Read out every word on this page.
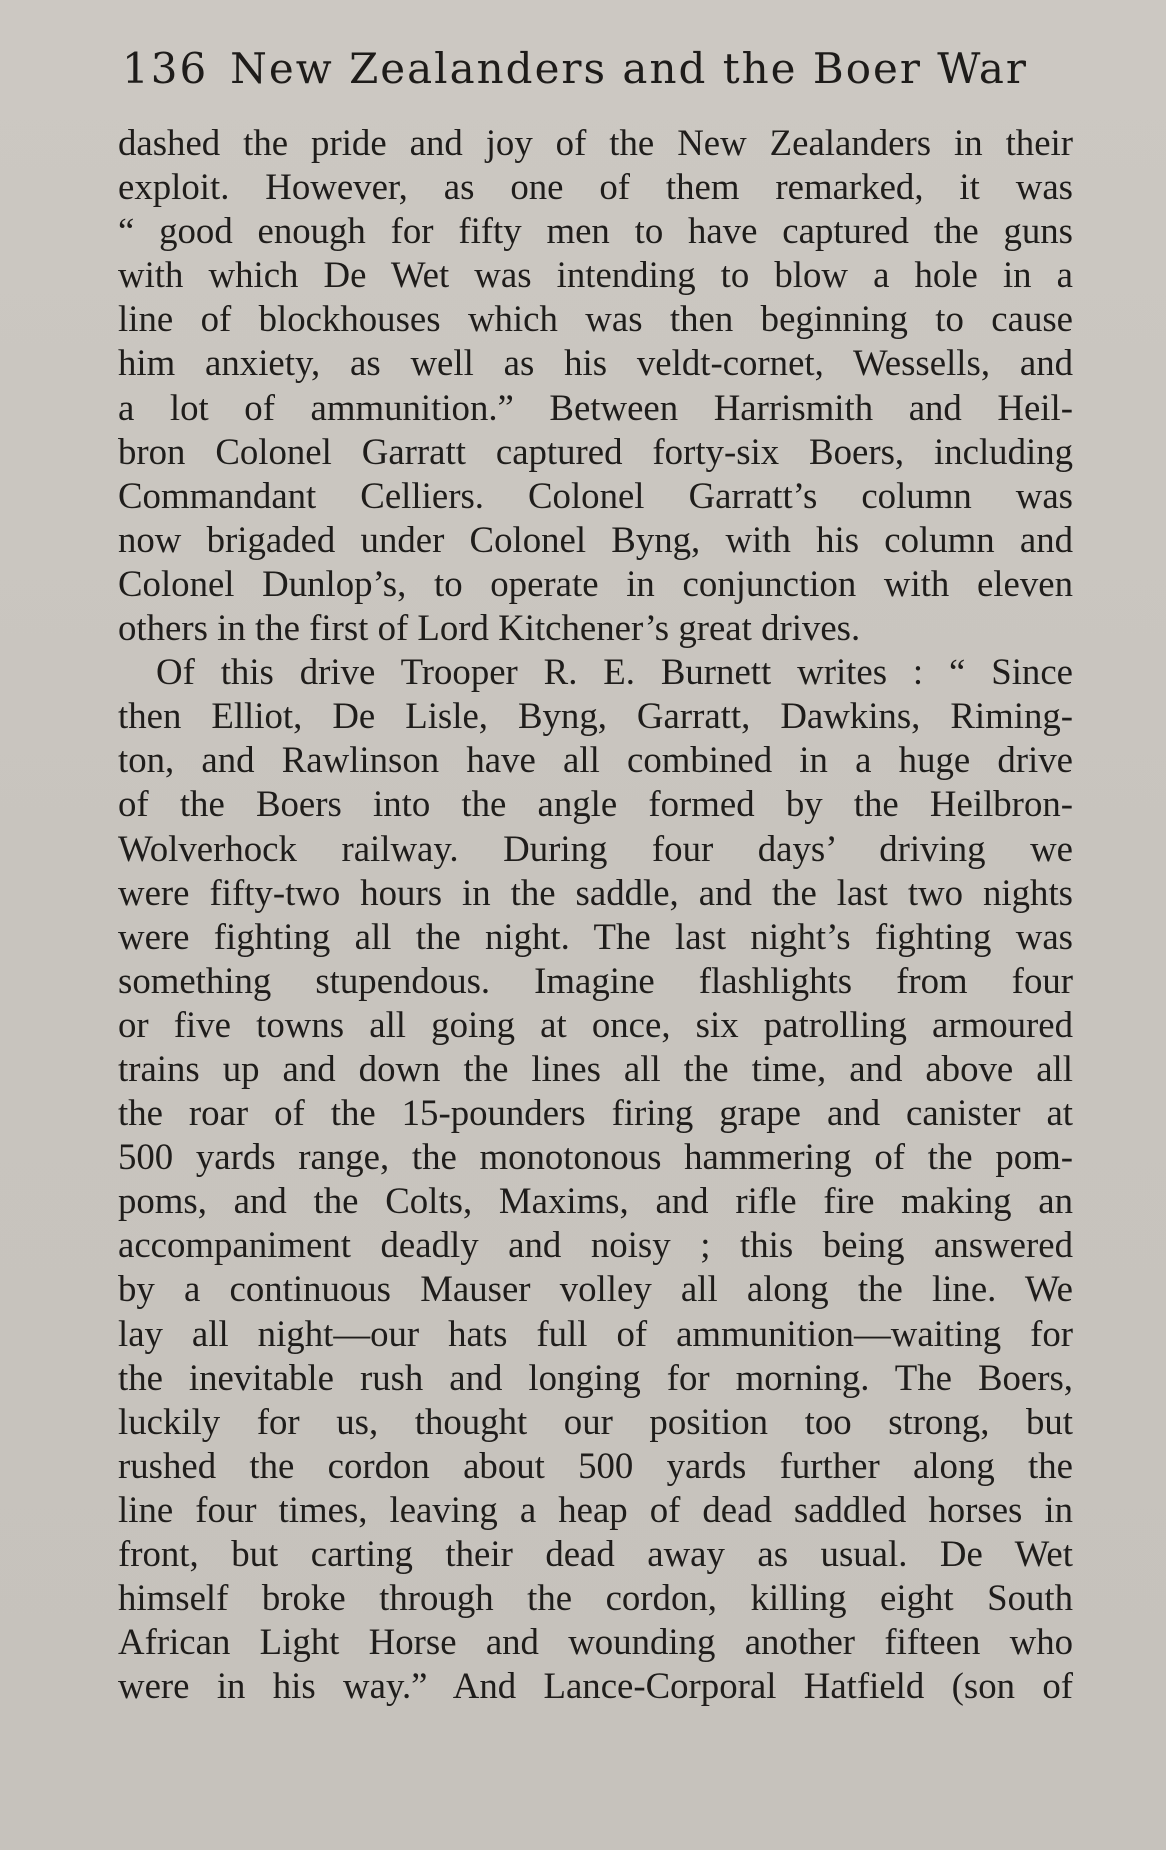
136 New Zealanders and the Boer War
dashed the pride and joy of the New Zealanders in their
exploit. However, as one of them remarked, it was
“ good enough for fifty men to have captured the guns
with which De Wet was intending to blow a hole in a
line of blockhouses which was then beginning to cause
him anxiety, as well as his veldt-cornet, Wessells, and
a lot of ammunition.” Between Harrismith and Heil-
bron Colonel Garratt captured forty-six Boers, including
Commandant Celliers. Colonel Garratt’s column was
now brigaded under Colonel Byng, with his column and
Colonel Dunlop’s, to operate in conjunction with eleven
others in the first of Lord Kitchener’s great drives.
Of this drive Trooper R. E. Burnett writes : “ Since
then Elliot, De Lisle, Byng, Garratt, Dawkins, Riming-
ton, and Rawlinson have all combined in a huge drive
of the Boers into the angle formed by the Heilbron-
Wolverhock railway. During four days’ driving we
were fifty-two hours in the saddle, and the last two nights
were fighting all the night. The last night’s fighting was
something stupendous. Imagine flashlights from four
or five towns all going at once, six patrolling armoured
trains up and down the lines all the time, and above all
the roar of the 15-pounders firing grape and canister at
500 yards range, the monotonous hammering of the pom-
poms, and the Colts, Maxims, and rifle fire making an
accompaniment deadly and noisy ; this being answered
by a continuous Mauser volley all along the line. We
lay all night—our hats full of ammunition—waiting for
the inevitable rush and longing for morning. The Boers,
luckily for us, thought our position too strong, but
rushed the cordon about 500 yards further along the
line four times, leaving a heap of dead saddled horses in
front, but carting their dead away as usual. De Wet
himself broke through the cordon, killing eight South
African Light Horse and wounding another fifteen who
were in his way.” And Lance-Corporal Hatfield (son of
